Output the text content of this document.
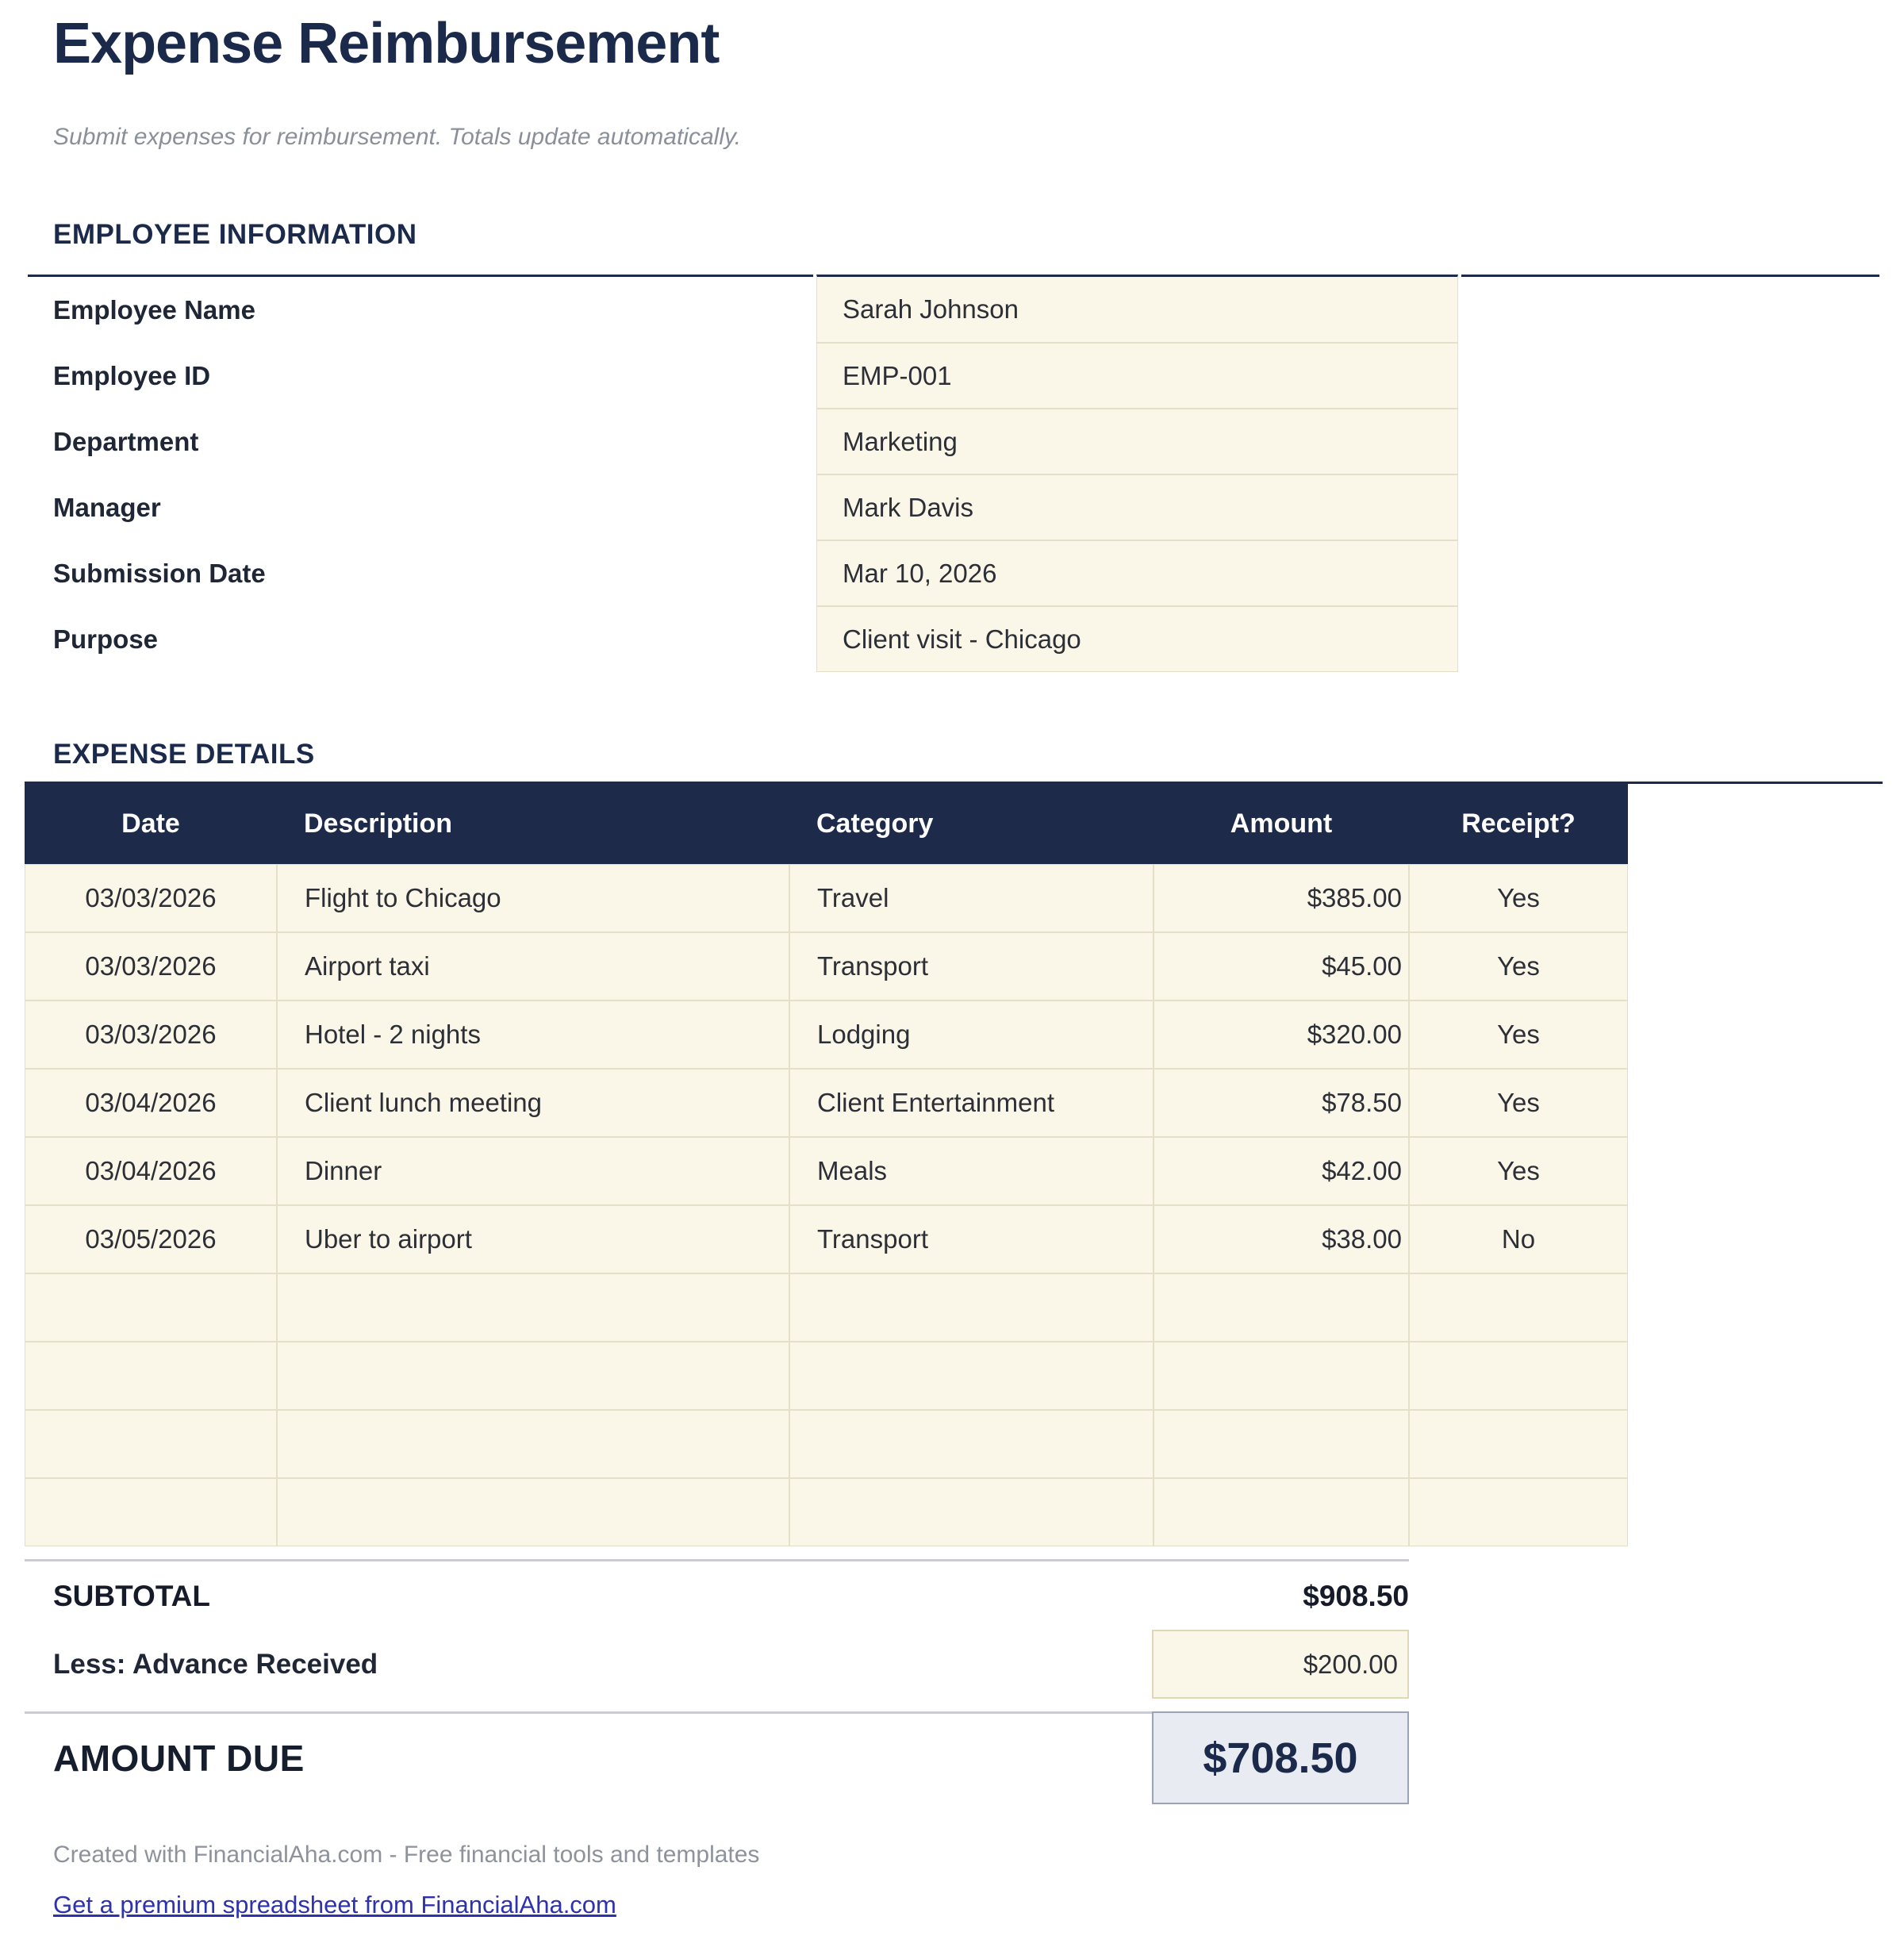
Expense Reimbursement

Submit expenses for reimbursement. Totals update automatically.

EMPLOYEE INFORMATION
Employee Name	Sarah Johnson	
Employee ID	EMP-001	
Department	Marketing	
Manager	Mark Davis	
Submission Date	Mar 10, 2026	
Purpose	Client visit - Chicago	
EXPENSE DETAILS
Date	Description	Category	Amount	Receipt?	
03/03/2026	Flight to Chicago	Travel	$385.00	Yes	
03/03/2026	Airport taxi	Transport	$45.00	Yes	
03/03/2026	Hotel - 2 nights	Lodging	$320.00	Yes	
03/04/2026	Client lunch meeting	Client Entertainment	$78.50	Yes	
03/04/2026	Dinner	Meals	$42.00	Yes	
03/05/2026	Uber to airport	Transport	$38.00	No	

SUBTOTAL	$908.50
Less: Advance Received	$200.00
AMOUNT DUE	$708.50

Created with FinancialAha.com - Free financial tools and templates

Get a premium spreadsheet from FinancialAha.com
